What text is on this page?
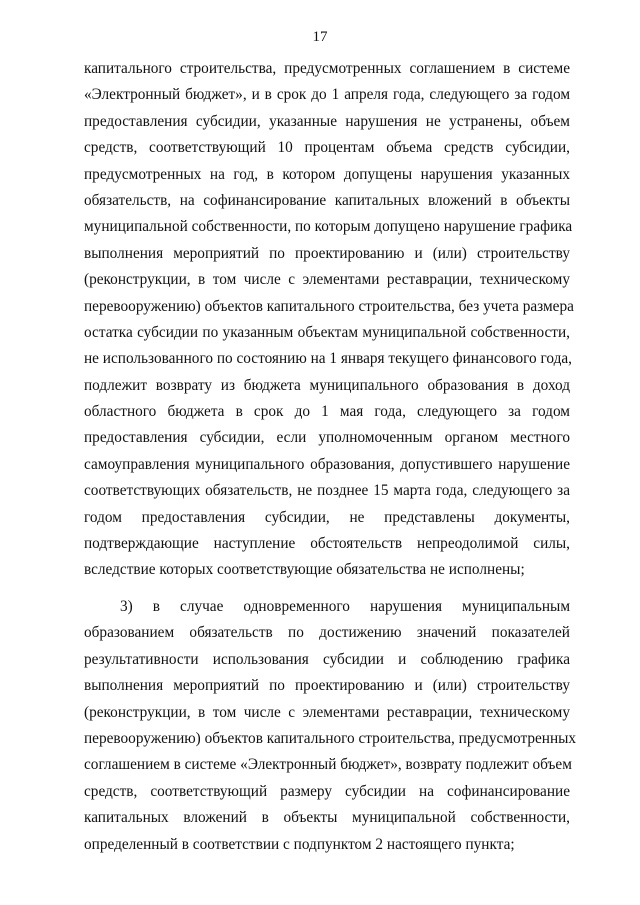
17
капитального строительства, предусмотренных соглашением в системе
«Электронный бюджет», и в срок до 1 апреля года, следующего за годом
предоставления субсидии, указанные нарушения не устранены, объем
средств, соответствующий 10 процентам объема средств субсидии,
предусмотренных на год, в котором допущены нарушения указанных
обязательств, на софинансирование капитальных вложений в объекты
муниципальной собственности, по которым допущено нарушение графика
выполнения мероприятий по проектированию и (или) строительству
(реконструкции, в том числе с элементами реставрации, техническому
перевооружению) объектов капитального строительства, без учета размера
остатка субсидии по указанным объектам муниципальной собственности,
не использованного по состоянию на 1 января текущего финансового года,
подлежит возврату из бюджета муниципального образования в доход
областного бюджета в срок до 1 мая года, следующего за годом
предоставления субсидии, если уполномоченным органом местного
самоуправления муниципального образования, допустившего нарушение
соответствующих обязательств, не позднее 15 марта года, следующего за
годом предоставления субсидии, не представлены документы,
подтверждающие наступление обстоятельств непреодолимой силы,
вследствие которых соответствующие обязательства не исполнены;
3) в случае одновременного нарушения муниципальным
образованием обязательств по достижению значений показателей
результативности использования субсидии и соблюдению графика
выполнения мероприятий по проектированию и (или) строительству
(реконструкции, в том числе с элементами реставрации, техническому
перевооружению) объектов капитального строительства, предусмотренных
соглашением в системе «Электронный бюджет», возврату подлежит объем
средств, соответствующий размеру субсидии на софинансирование
капитальных вложений в объекты муниципальной собственности,
определенный в соответствии с подпунктом 2 настоящего пункта;
